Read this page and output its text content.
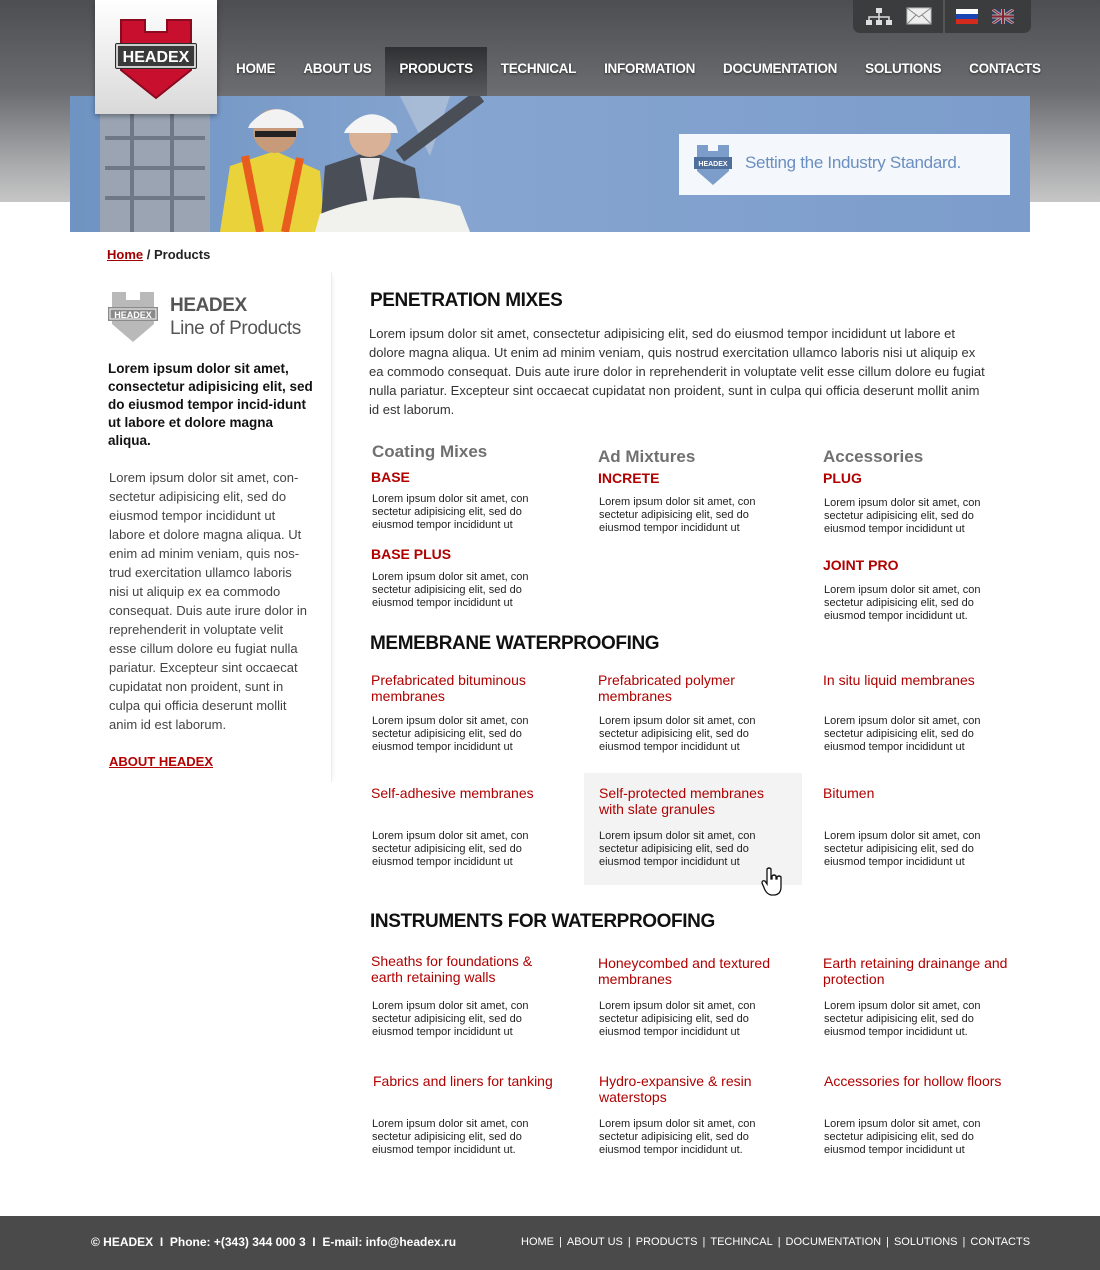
HEADEX
HOME ABOUT US PRODUCTS TECHNICAL INFORMATION DOCUMENTATION SOLUTIONS CONTACTS
HEADEX Setting the Industry Standard.
Home / Products
HEADEX HEADEX
Line of Products
Lorem ipsum dolor sit amet, consectetur adipisicing elit, sed do eiusmod tempor incid-idunt ut labore et dolore magna aliqua.
Lorem ipsum dolor sit amet, con-sectetur adipisicing elit, sed do eiusmod tempor incididunt ut labore et dolore magna aliqua. Ut enim ad minim veniam, quis nos-trud exercitation ullamco laboris nisi ut aliquip ex ea commodo consequat. Duis aute irure dolor in reprehenderit in voluptate velit esse cillum dolore eu fugiat nulla pariatur. Excepteur sint occaecat cupidatat non proident, sunt in culpa qui officia deserunt mollit anim id est laborum.
ABOUT HEADEX
PENETRATION MIXES
Lorem ipsum dolor sit amet, consectetur adipisicing elit, sed do eiusmod tempor incididunt ut labore et dolore magna aliqua. Ut enim ad minim veniam, quis nostrud exercitation ullamco laboris nisi ut aliquip ex ea commodo consequat. Duis aute irure dolor in reprehenderit in voluptate velit esse cillum dolore eu fugiat nulla pariatur. Excepteur sint occaecat cupidatat non proident, sunt in culpa qui officia deserunt mollit anim id est laborum.
Coating Mixes	Ad Mixtures	Accessories
BASE
Lorem ipsum dolor sit amet, con sectetur adipisicing elit, sed do eiusmod tempor incididunt ut
BASE PLUS
Lorem ipsum dolor sit amet, con sectetur adipisicing elit, sed do eiusmod tempor incididunt ut
INCRETE
Lorem ipsum dolor sit amet, con sectetur adipisicing elit, sed do eiusmod tempor incididunt ut
PLUG
Lorem ipsum dolor sit amet, con sectetur adipisicing elit, sed do eiusmod tempor incididunt ut
JOINT PRO
Lorem ipsum dolor sit amet, con sectetur adipisicing elit, sed do eiusmod tempor incididunt ut.
MEMEBRANE WATERPROOFING
Prefabricated bituminous membranes
Lorem ipsum dolor sit amet, con sectetur adipisicing elit, sed do eiusmod tempor incididunt ut
Prefabricated polymer membranes
Lorem ipsum dolor sit amet, con sectetur adipisicing elit, sed do eiusmod tempor incididunt ut
In situ liquid membranes
Lorem ipsum dolor sit amet, con sectetur adipisicing elit, sed do eiusmod tempor incididunt ut
Self-adhesive membranes
Lorem ipsum dolor sit amet, con sectetur adipisicing elit, sed do eiusmod tempor incididunt ut
Self-protected membranes with slate granules
Lorem ipsum dolor sit amet, con sectetur adipisicing elit, sed do eiusmod tempor incididunt ut
Bitumen
Lorem ipsum dolor sit amet, con sectetur adipisicing elit, sed do eiusmod tempor incididunt ut
INSTRUMENTS FOR WATERPROOFING
Sheaths for foundations & earth retaining walls
Lorem ipsum dolor sit amet, con sectetur adipisicing elit, sed do eiusmod tempor incididunt ut
Honeycombed and textured membranes
Lorem ipsum dolor sit amet, con sectetur adipisicing elit, sed do eiusmod tempor incididunt ut
Earth retaining drainange and protection
Lorem ipsum dolor sit amet, con sectetur adipisicing elit, sed do eiusmod tempor incididunt ut.
Fabrics and liners for tanking
Lorem ipsum dolor sit amet, con sectetur adipisicing elit, sed do eiusmod tempor incididunt ut.
Hydro-expansive & resin waterstops
Lorem ipsum dolor sit amet, con sectetur adipisicing elit, sed do eiusmod tempor incididunt ut.
Accessories for hollow floors
Lorem ipsum dolor sit amet, con sectetur adipisicing elit, sed do eiusmod tempor incididunt ut
© HEADEX I Phone: +(343) 344 000 3 I E-mail: info@headex.ru	HOME | ABOUT US | PRODUCTS | TECHINCAL | DOCUMENTATION | SOLUTIONS | CONTACTS
